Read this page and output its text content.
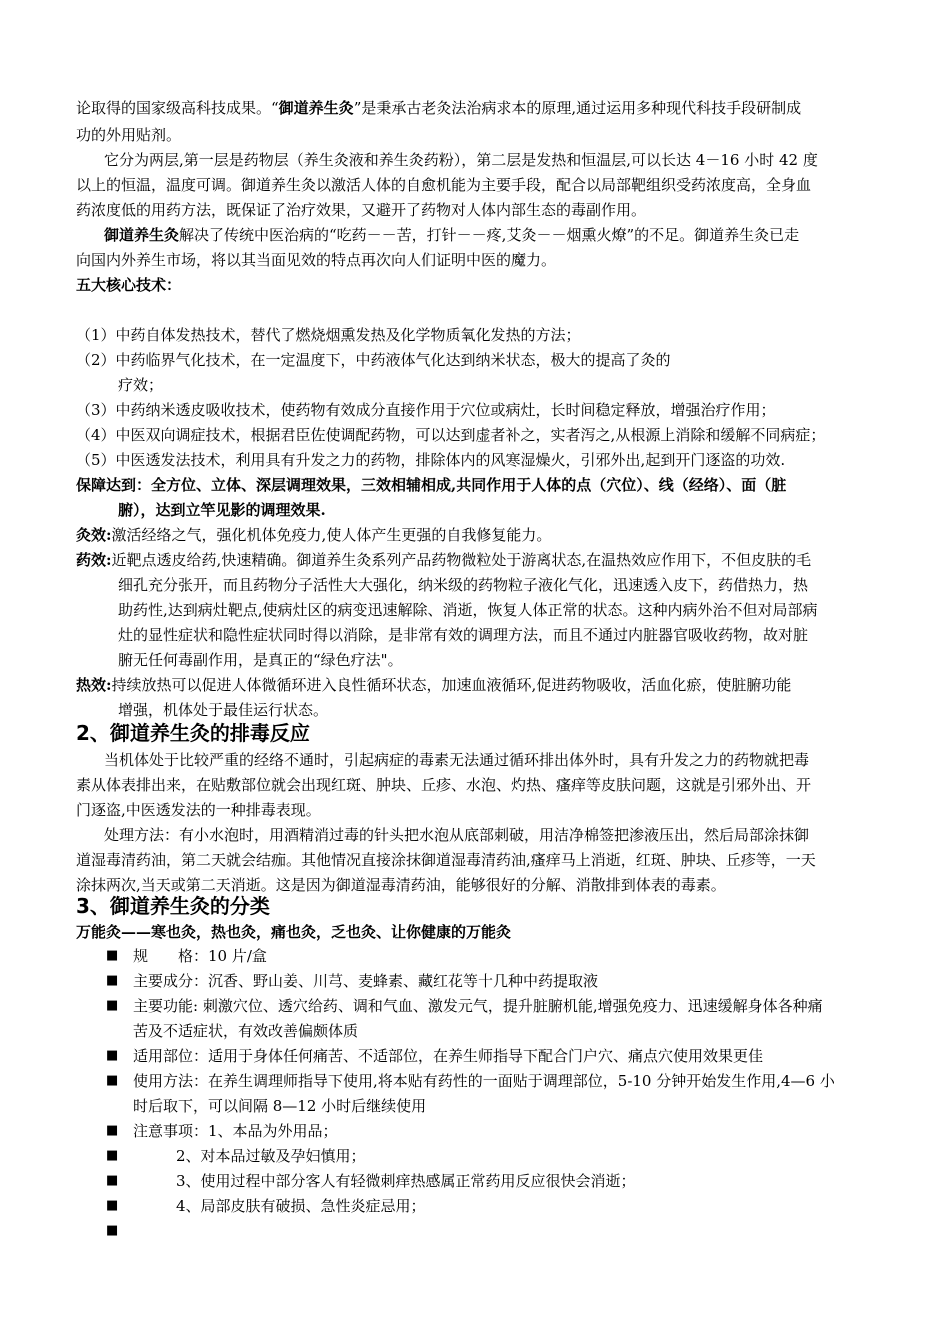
论取得的国家级高科技成果。“御道养生灸”是秉承古老灸法治病求本的原理,通过运用多种现代科技手段研制成
功的外用贴剂。
它分为两层,第一层是药物层（养生灸液和养生灸药粉），第二层是发热和恒温层,可以长达 4－16 小时 42 度
以上的恒温，温度可调。御道养生灸以激活人体的自愈机能为主要手段，配合以局部靶组织受药浓度高，全身血
药浓度低的用药方法，既保证了治疗效果，又避开了药物对人体内部生态的毒副作用。
御道养生灸解决了传统中医治病的“吃药－－苦，打针－－疼,艾灸－－烟熏火燎”的不足。御道养生灸已走
向国内外养生市场，将以其当面见效的特点再次向人们证明中医的魔力。
五大核心技术：
（1）中药自体发热技术，替代了燃烧烟熏发热及化学物质氧化发热的方法；
（2）中药临界气化技术，在一定温度下，中药液体气化达到纳米状态，极大的提高了灸的
疗效；
（3）中药纳米透皮吸收技术，使药物有效成分直接作用于穴位或病灶，长时间稳定释放，增强治疗作用；
（4）中医双向调症技术，根据君臣佐使调配药物，可以达到虚者补之，实者泻之,从根源上消除和缓解不同病症；
（5）中医透发法技术，利用具有升发之力的药物，排除体内的风寒湿燥火，引邪外出,起到开门逐盗的功效.
保障达到：全方位、立体、深层调理效果，三效相辅相成,共同作用于人体的点（穴位）、线（经络）、面（脏
腑），达到立竿见影的调理效果.
灸效:激活经络之气，强化机体免疫力,使人体产生更强的自我修复能力。
药效:近靶点透皮给药,快速精确。御道养生灸系列产品药物微粒处于游离状态,在温热效应作用下，不但皮肤的毛
细孔充分张开，而且药物分子活性大大强化，纳米级的药物粒子液化气化，迅速透入皮下，药借热力，热
助药性,达到病灶靶点,使病灶区的病变迅速解除、消逝，恢复人体正常的状态。这种内病外治不但对局部病
灶的显性症状和隐性症状同时得以消除，是非常有效的调理方法，而且不通过内脏器官吸收药物，故对脏
腑无任何毒副作用，是真正的“绿色疗法"。
热效:持续放热可以促进人体微循环进入良性循环状态，加速血液循环,促进药物吸收，活血化瘀，使脏腑功能
增强，机体处于最佳运行状态。
2、御道养生灸的排毒反应
当机体处于比较严重的经络不通时，引起病症的毒素无法通过循环排出体外时，具有升发之力的药物就把毒
素从体表排出来，在贴敷部位就会出现红斑、肿块、丘疹、水泡、灼热、瘙痒等皮肤问题，这就是引邪外出、开
门逐盗,中医透发法的一种排毒表现。
处理方法：有小水泡时，用酒精消过毒的针头把水泡从底部刺破，用洁净棉签把渗液压出，然后局部涂抹御
道湿毒清药油，第二天就会结痂。其他情况直接涂抹御道湿毒清药油,瘙痒马上消逝，红斑、肿块、丘疹等，一天
涂抹两次,当天或第二天消逝。这是因为御道湿毒清药油，能够很好的分解、消散排到体表的毒素。
3、御道养生灸的分类
万能灸——寒也灸，热也灸，痛也灸，乏也灸、让你健康的万能灸
■ 规　　格：10 片/盒
■ 主要成分：沉香、野山姜、川芎、麦蜂素、藏红花等十几种中药提取液
■ 主要功能: 刺激穴位、透穴给药、调和气血、激发元气，提升脏腑机能,增强免疫力、迅速缓解身体各种痛
苦及不适症状，有效改善偏颇体质
■ 适用部位：适用于身体任何痛苦、不适部位，在养生师指导下配合门户穴、痛点穴使用效果更佳
■ 使用方法：在养生调理师指导下使用,将本贴有药性的一面贴于调理部位，5-10 分钟开始发生作用,4—6 小
时后取下，可以间隔 8—12 小时后继续使用
■ 注意事项：1、本品为外用品；
■	2、对本品过敏及孕妇慎用；
■	3、使用过程中部分客人有轻微刺痒热感属正常药用反应很快会消逝；
■	4、局部皮肤有破损、急性炎症忌用；
■
